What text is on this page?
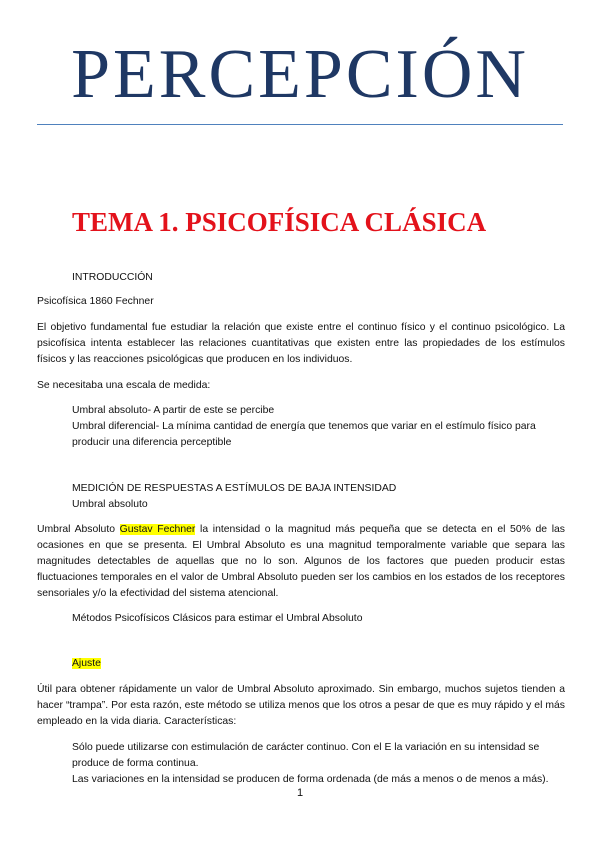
PERCEPCIÓN
TEMA 1. PSICOFÍSICA CLÁSICA

INTRODUCCIÓN

Psicofísica 1860 Fechner

El objetivo fundamental fue estudiar la relación que existe entre el continuo físico y el continuo psicológico. La psicofísica intenta establecer las relaciones cuantitativas que existen entre las propiedades de los estímulos físicos y las reacciones psicológicas que producen en los individuos.

Se necesitaba una escala de medida:

Umbral absoluto- A partir de este se percibe

Umbral diferencial- La mínima cantidad de energía que tenemos que variar en el estímulo físico para producir una diferencia perceptible

MEDICIÓN DE RESPUESTAS A ESTÍMULOS DE BAJA INTENSIDAD

Umbral absoluto

Umbral Absoluto Gustav Fechner la intensidad o la magnitud más pequeña que se detecta en el 50% de las ocasiones en que se presenta. El Umbral Absoluto es una magnitud temporalmente variable que separa las magnitudes detectables de aquellas que no lo son. Algunos de los factores que pueden producir estas fluctuaciones temporales en el valor de Umbral Absoluto pueden ser los cambios en los estados de los receptores sensoriales y/o la efectividad del sistema atencional.

Métodos Psicofísicos Clásicos para estimar el Umbral Absoluto

Ajuste

Útil para obtener rápidamente un valor de Umbral Absoluto aproximado. Sin embargo, muchos sujetos tienden a hacer “trampa”. Por esta razón, este método se utiliza menos que los otros a pesar de que es muy rápido y el más empleado en la vida diaria. Características:

Sólo puede utilizarse con estimulación de carácter continuo. Con el E la variación en su intensidad se produce de forma continua.

Las variaciones en la intensidad se producen de forma ordenada (de más a menos o de menos a más).

1
